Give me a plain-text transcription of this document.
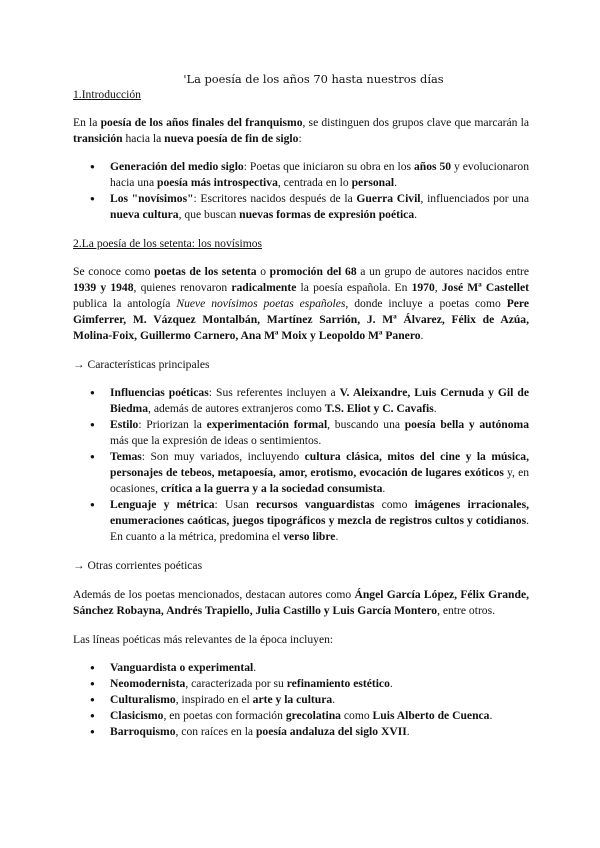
'La poesía de los años 70 hasta nuestros días
1.Introducción

En la poesía de los años finales del franquismo, se distinguen dos grupos clave que marcarán la transición hacia la nueva poesía de fin de siglo:

● Generación del medio siglo: Poetas que iniciaron su obra en los años 50 y evolucionaron hacia una poesía más introspectiva, centrada en lo personal.
● Los "novísimos": Escritores nacidos después de la Guerra Civil, influenciados por una nueva cultura, que buscan nuevas formas de expresión poética.
2.La poesía de los setenta: los novísimos

Se conoce como poetas de los setenta o promoción del 68 a un grupo de autores nacidos entre 1939 y 1948, quienes renovaron radicalmente la poesía española. En 1970, José Mª Castellet publica la antología Nueve novísimos poetas españoles, donde incluye a poetas como Pere Gimferrer, M. Vázquez Montalbán, Martínez Sarrión, J. Mª Álvarez, Félix de Azúa, Molina-Foix, Guillermo Carnero, Ana Mª Moix y Leopoldo Mª Panero.

→ Características principales
● Influencias poéticas: Sus referentes incluyen a V. Aleixandre, Luis Cernuda y Gil de Biedma, además de autores extranjeros como T.S. Eliot y C. Cavafis.
● Estilo: Priorizan la experimentación formal, buscando una poesía bella y autónoma más que la expresión de ideas o sentimientos.
● Temas: Son muy variados, incluyendo cultura clásica, mitos del cine y la música, personajes de tebeos, metapoesía, amor, erotismo, evocación de lugares exóticos y, en ocasiones, crítica a la guerra y a la sociedad consumista.
● Lenguaje y métrica: Usan recursos vanguardistas como imágenes irracionales, enumeraciones caóticas, juegos tipográficos y mezcla de registros cultos y cotidianos. En cuanto a la métrica, predomina el verso libre.
→ Otras corrientes poéticas

Además de los poetas mencionados, destacan autores como Ángel García López, Félix Grande, Sánchez Robayna, Andrés Trapiello, Julia Castillo y Luis García Montero, entre otros.

Las líneas poéticas más relevantes de la época incluyen:

● Vanguardista o experimental.
● Neomodernista, caracterizada por su refinamiento estético.
● Culturalismo, inspirado en el arte y la cultura.
● Clasicismo, en poetas con formación grecolatina como Luis Alberto de Cuenca.
● Barroquismo, con raíces en la poesía andaluza del siglo XVII.
